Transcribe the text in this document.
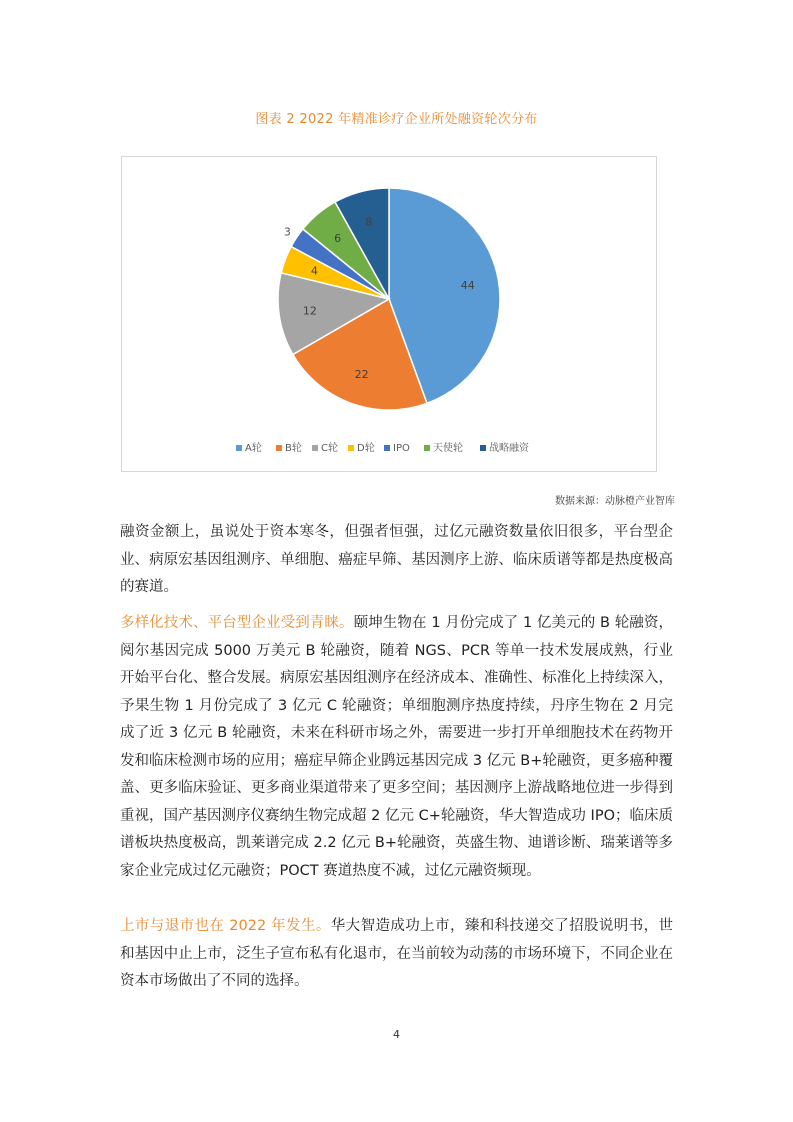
图表 2 2022 年精准诊疗企业所处融资轮次分布
44
22
12
4
3	6
8
A轮 B轮 C轮 D轮 IPO 天使轮	战略融资
数据来源：动脉橙产业智库

融资金额上，虽说处于资本寒冬，但强者恒强，过亿元融资数量依旧很多，平台型企业、病原宏基因组测序、单细胞、癌症早筛、基因测序上游、临床质谱等都是热度极高的赛道。

多样化技术、平台型企业受到青睐。颐坤生物在 1 月份完成了 1 亿美元的 B 轮融资，阅尔基因完成 5000 万美元 B 轮融资，随着 NGS、PCR 等单一技术发展成熟，行业开始平台化、整合发展。病原宏基因组测序在经济成本、准确性、标准化上持续深入，予果生物 1 月份完成了 3 亿元 C 轮融资；单细胞测序热度持续，丹序生物在 2 月完成了近 3 亿元 B 轮融资，未来在科研市场之外，需要进一步打开单细胞技术在药物开发和临床检测市场的应用；癌症早筛企业鹍远基因完成 3 亿元 B+轮融资，更多癌种覆盖、更多临床验证、更多商业渠道带来了更多空间；基因测序上游战略地位进一步得到重视，国产基因测序仪赛纳生物完成超 2 亿元 C+轮融资，华大智造成功 IPO；临床质谱板块热度极高，凯莱谱完成 2.2 亿元 B+轮融资，英盛生物、迪谱诊断、瑞莱谱等多家企业完成过亿元融资；POCT 赛道热度不减，过亿元融资频现。

上市与退市也在 2022 年发生。华大智造成功上市，臻和科技递交了招股说明书，世和基因中止上市，泛生子宣布私有化退市，在当前较为动荡的市场环境下，不同企业在资本市场做出了不同的选择。

4
